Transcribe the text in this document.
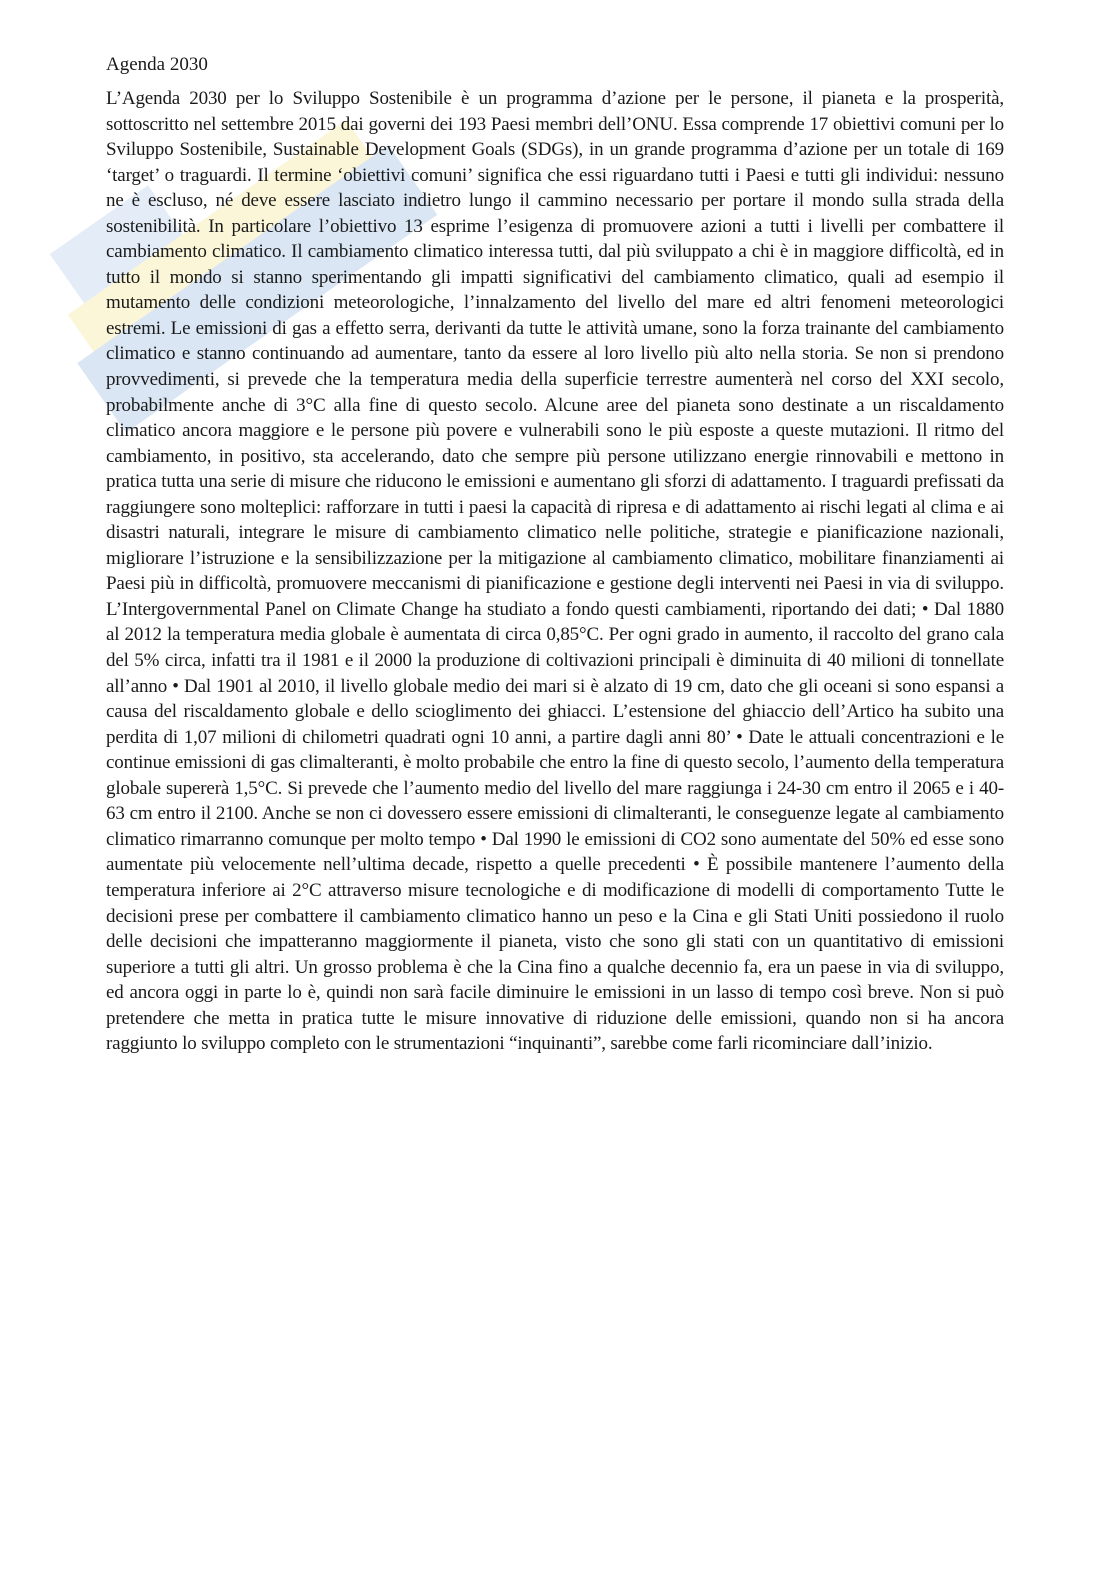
Agenda 2030

L’Agenda 2030 per lo Sviluppo Sostenibile è un programma d’azione per le persone, il pianeta e la prosperità, sottoscritto nel settembre 2015 dai governi dei 193 Paesi membri dell’ONU. Essa comprende 17 obiettivi comuni per lo Sviluppo Sostenibile, Sustainable Development Goals (SDGs), in un grande programma d’azione per un totale di 169 ‘target’ o traguardi. Il termine ‘obiettivi comuni’ significa che essi riguardano tutti i Paesi e tutti gli individui: nessuno ne è escluso, né deve essere lasciato indietro lungo il cammino necessario per portare il mondo sulla strada della sostenibilità. In particolare l’obiettivo 13 esprime l’esigenza di promuovere azioni a tutti i livelli per combattere il cambiamento climatico. Il cambiamento climatico interessa tutti, dal più sviluppato a chi è in maggiore difficoltà, ed in tutto il mondo si stanno sperimentando gli impatti significativi del cambiamento climatico, quali ad esempio il mutamento delle condizioni meteorologiche, l’innalzamento del livello del mare ed altri fenomeni meteorologici estremi. Le emissioni di gas a effetto serra, derivanti da tutte le attività umane, sono la forza trainante del cambiamento climatico e stanno continuando ad aumentare, tanto da essere al loro livello più alto nella storia. Se non si prendono provvedimenti, si prevede che la temperatura media della superficie terrestre aumenterà nel corso del XXI secolo, probabilmente anche di 3°C alla fine di questo secolo. Alcune aree del pianeta sono destinate a un riscaldamento climatico ancora maggiore e le persone più povere e vulnerabili sono le più esposte a queste mutazioni. Il ritmo del cambiamento, in positivo, sta accelerando, dato che sempre più persone utilizzano energie rinnovabili e mettono in pratica tutta una serie di misure che riducono le emissioni e aumentano gli sforzi di adattamento. I traguardi prefissati da raggiungere sono molteplici: rafforzare in tutti i paesi la capacità di ripresa e di adattamento ai rischi legati al clima e ai disastri naturali, integrare le misure di cambiamento climatico nelle politiche, strategie e pianificazione nazionali, migliorare l’istruzione e la sensibilizzazione per la mitigazione al cambiamento climatico, mobilitare finanziamenti ai Paesi più in difficoltà, promuovere meccanismi di pianificazione e gestione degli interventi nei Paesi in via di sviluppo. L’Intergovernmental Panel on Climate Change ha studiato a fondo questi cambiamenti, riportando dei dati; • Dal 1880 al 2012 la temperatura media globale è aumentata di circa 0,85°C. Per ogni grado in aumento, il raccolto del grano cala del 5% circa, infatti tra il 1981 e il 2000 la produzione di coltivazioni principali è diminuita di 40 milioni di tonnellate all’anno • Dal 1901 al 2010, il livello globale medio dei mari si è alzato di 19 cm, dato che gli oceani si sono espansi a causa del riscaldamento globale e dello scioglimento dei ghiacci. L’estensione del ghiaccio dell’Artico ha subito una perdita di 1,07 milioni di chilometri quadrati ogni 10 anni, a partire dagli anni 80’ • Date le attuali concentrazioni e le continue emissioni di gas climalteranti, è molto probabile che entro la fine di questo secolo, l’aumento della temperatura globale supererà 1,5°C. Si prevede che l’aumento medio del livello del mare raggiunga i 24-30 cm entro il 2065 e i 40-63 cm entro il 2100. Anche se non ci dovessero essere emissioni di climalteranti, le conseguenze legate al cambiamento climatico rimarranno comunque per molto tempo • Dal 1990 le emissioni di CO2 sono aumentate del 50% ed esse sono aumentate più velocemente nell’ultima decade, rispetto a quelle precedenti • È possibile mantenere l’aumento della temperatura inferiore ai 2°C attraverso misure tecnologiche e di modificazione di modelli di comportamento Tutte le decisioni prese per combattere il cambiamento climatico hanno un peso e la Cina e gli Stati Uniti possiedono il ruolo delle decisioni che impatteranno maggiormente il pianeta, visto che sono gli stati con un quantitativo di emissioni superiore a tutti gli altri. Un grosso problema è che la Cina fino a qualche decennio fa, era un paese in via di sviluppo, ed ancora oggi in parte lo è, quindi non sarà facile diminuire le emissioni in un lasso di tempo così breve. Non si può pretendere che metta in pratica tutte le misure innovative di riduzione delle emissioni, quando non si ha ancora raggiunto lo sviluppo completo con le strumentazioni “inquinanti”, sarebbe come farli ricominciare dall’inizio.
